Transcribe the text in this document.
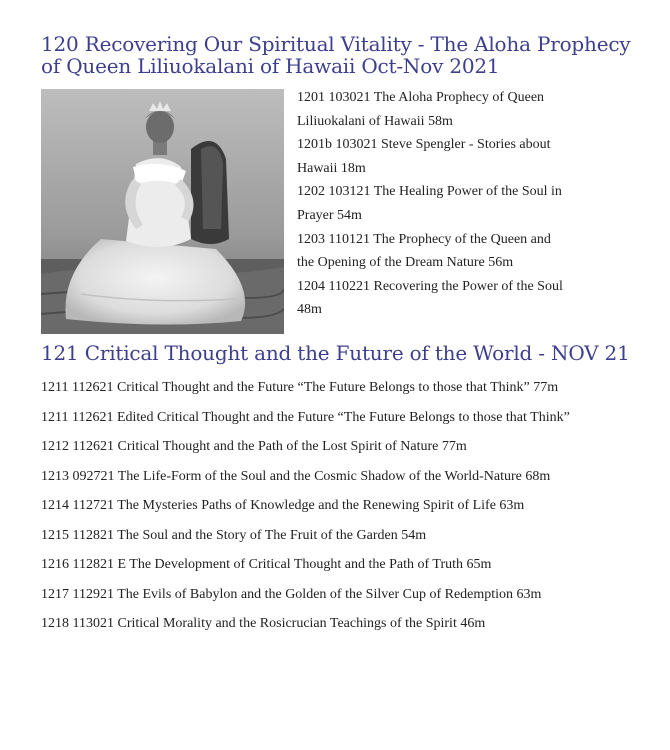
120 Recovering Our Spiritual Vitality - The Aloha Prophecy of Queen Liliuokalani of Hawaii Oct-Nov 2021
1201 103021 The Aloha Prophecy of Queen Liliuokalani of Hawaii 58m
1201b 103021 Steve Spengler - Stories about Hawaii 18m
1202 103121 The Healing Power of the Soul in Prayer 54m
1203 110121 The Prophecy of the Queen and the Opening of the Dream Nature 56m
1204 110221 Recovering the Power of the Soul 48m
121 Critical Thought and the Future of the World - NOV 21
1211 112621 Critical Thought and the Future “The Future Belongs to those that Think” 77m
1211 112621 Edited Critical Thought and the Future “The Future Belongs to those that Think”
1212 112621 Critical Thought and the Path of the Lost Spirit of Nature 77m
1213 092721 The Life-Form of the Soul and the Cosmic Shadow of the World-Nature 68m
1214 112721 The Mysteries Paths of Knowledge and the Renewing Spirit of Life 63m
1215 112821 The Soul and the Story of The Fruit of the Garden 54m
1216 112821 E The Development of Critical Thought and the Path of Truth 65m
1217 112921 The Evils of Babylon and the Golden of the Silver Cup of Redemption 63m
1218 113021 Critical Morality and the Rosicrucian Teachings of the Spirit 46m
